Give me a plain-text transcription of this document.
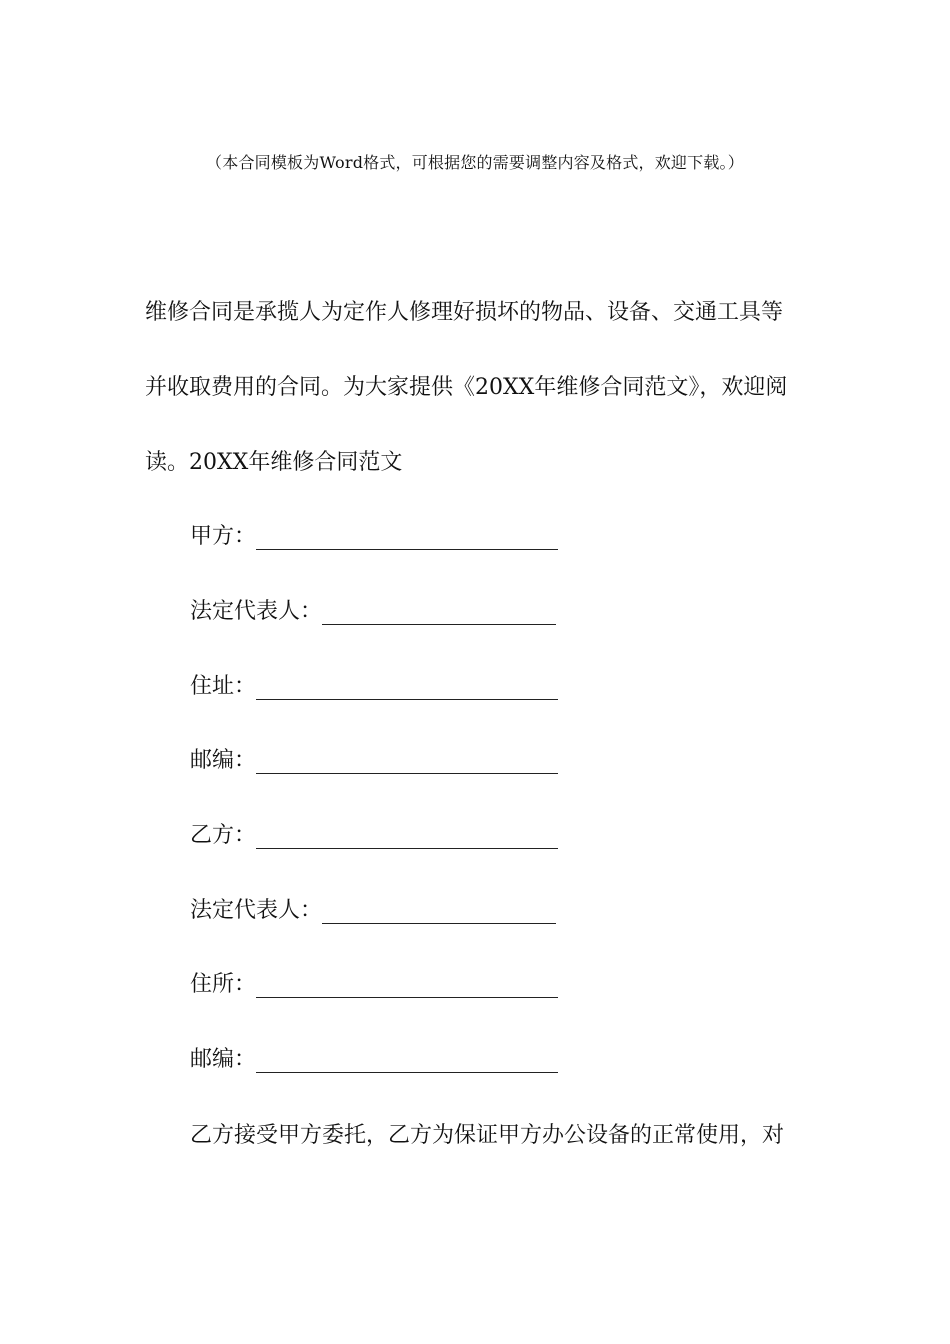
（本合同模板为Word格式，可根据您的需要调整内容及格式，欢迎下载。）
维修合同是承揽人为定作人修理好损坏的物品、设备、交通工具等
并收取费用的合同。为大家提供《20XX年维修合同范文》，欢迎阅
读。20XX年维修合同范文
甲方：
法定代表人：
住址：
邮编：
乙方：
法定代表人：
住所：
邮编：
乙方接受甲方委托，乙方为保证甲方办公设备的正常使用，对
